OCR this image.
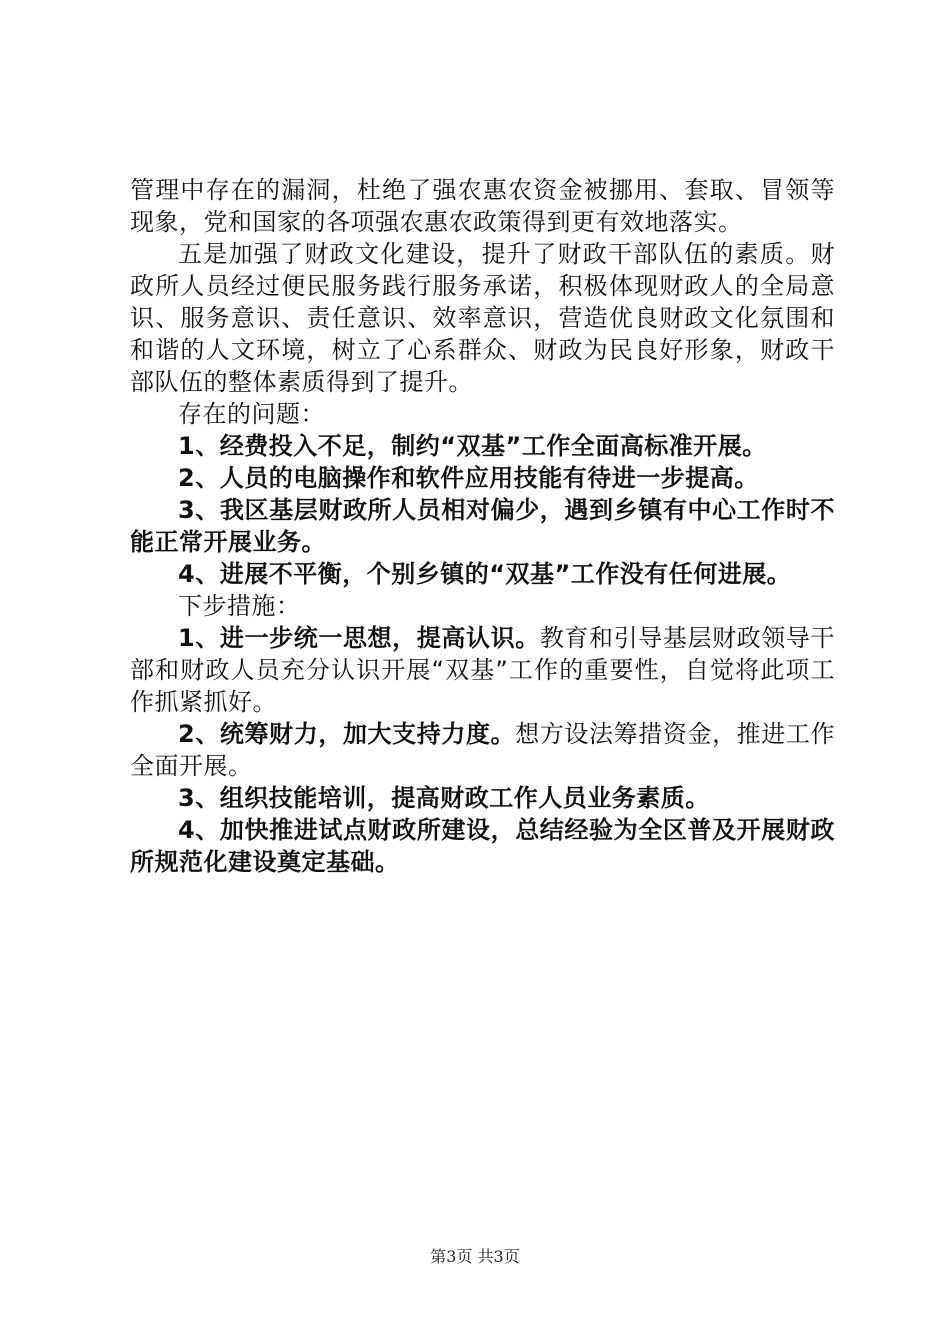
管理中存在的漏洞，杜绝了强农惠农资金被挪用、套取、冒领等现象，党和国家的各项强农惠农政策得到更有效地落实。

五是加强了财政文化建设，提升了财政干部队伍的素质。财政所人员经过便民服务践行服务承诺，积极体现财政人的全局意识、服务意识、责任意识、效率意识，营造优良财政文化氛围和和谐的人文环境，树立了心系群众、财政为民良好形象，财政干部队伍的整体素质得到了提升。

存在的问题：

1、经费投入不足，制约“双基”工作全面高标准开展。

2、人员的电脑操作和软件应用技能有待进一步提高。

3、我区基层财政所人员相对偏少，遇到乡镇有中心工作时不能正常开展业务。

4、进展不平衡，个别乡镇的“双基”工作没有任何进展。

下步措施：

1、进一步统一思想，提高认识。教育和引导基层财政领导干部和财政人员充分认识开展“双基”工作的重要性，自觉将此项工作抓紧抓好。

2、统筹财力，加大支持力度。想方设法筹措资金，推进工作全面开展。

3、组织技能培训，提高财政工作人员业务素质。

4、加快推进试点财政所建设，总结经验为全区普及开展财政所规范化建设奠定基础。

第3页 共3页
